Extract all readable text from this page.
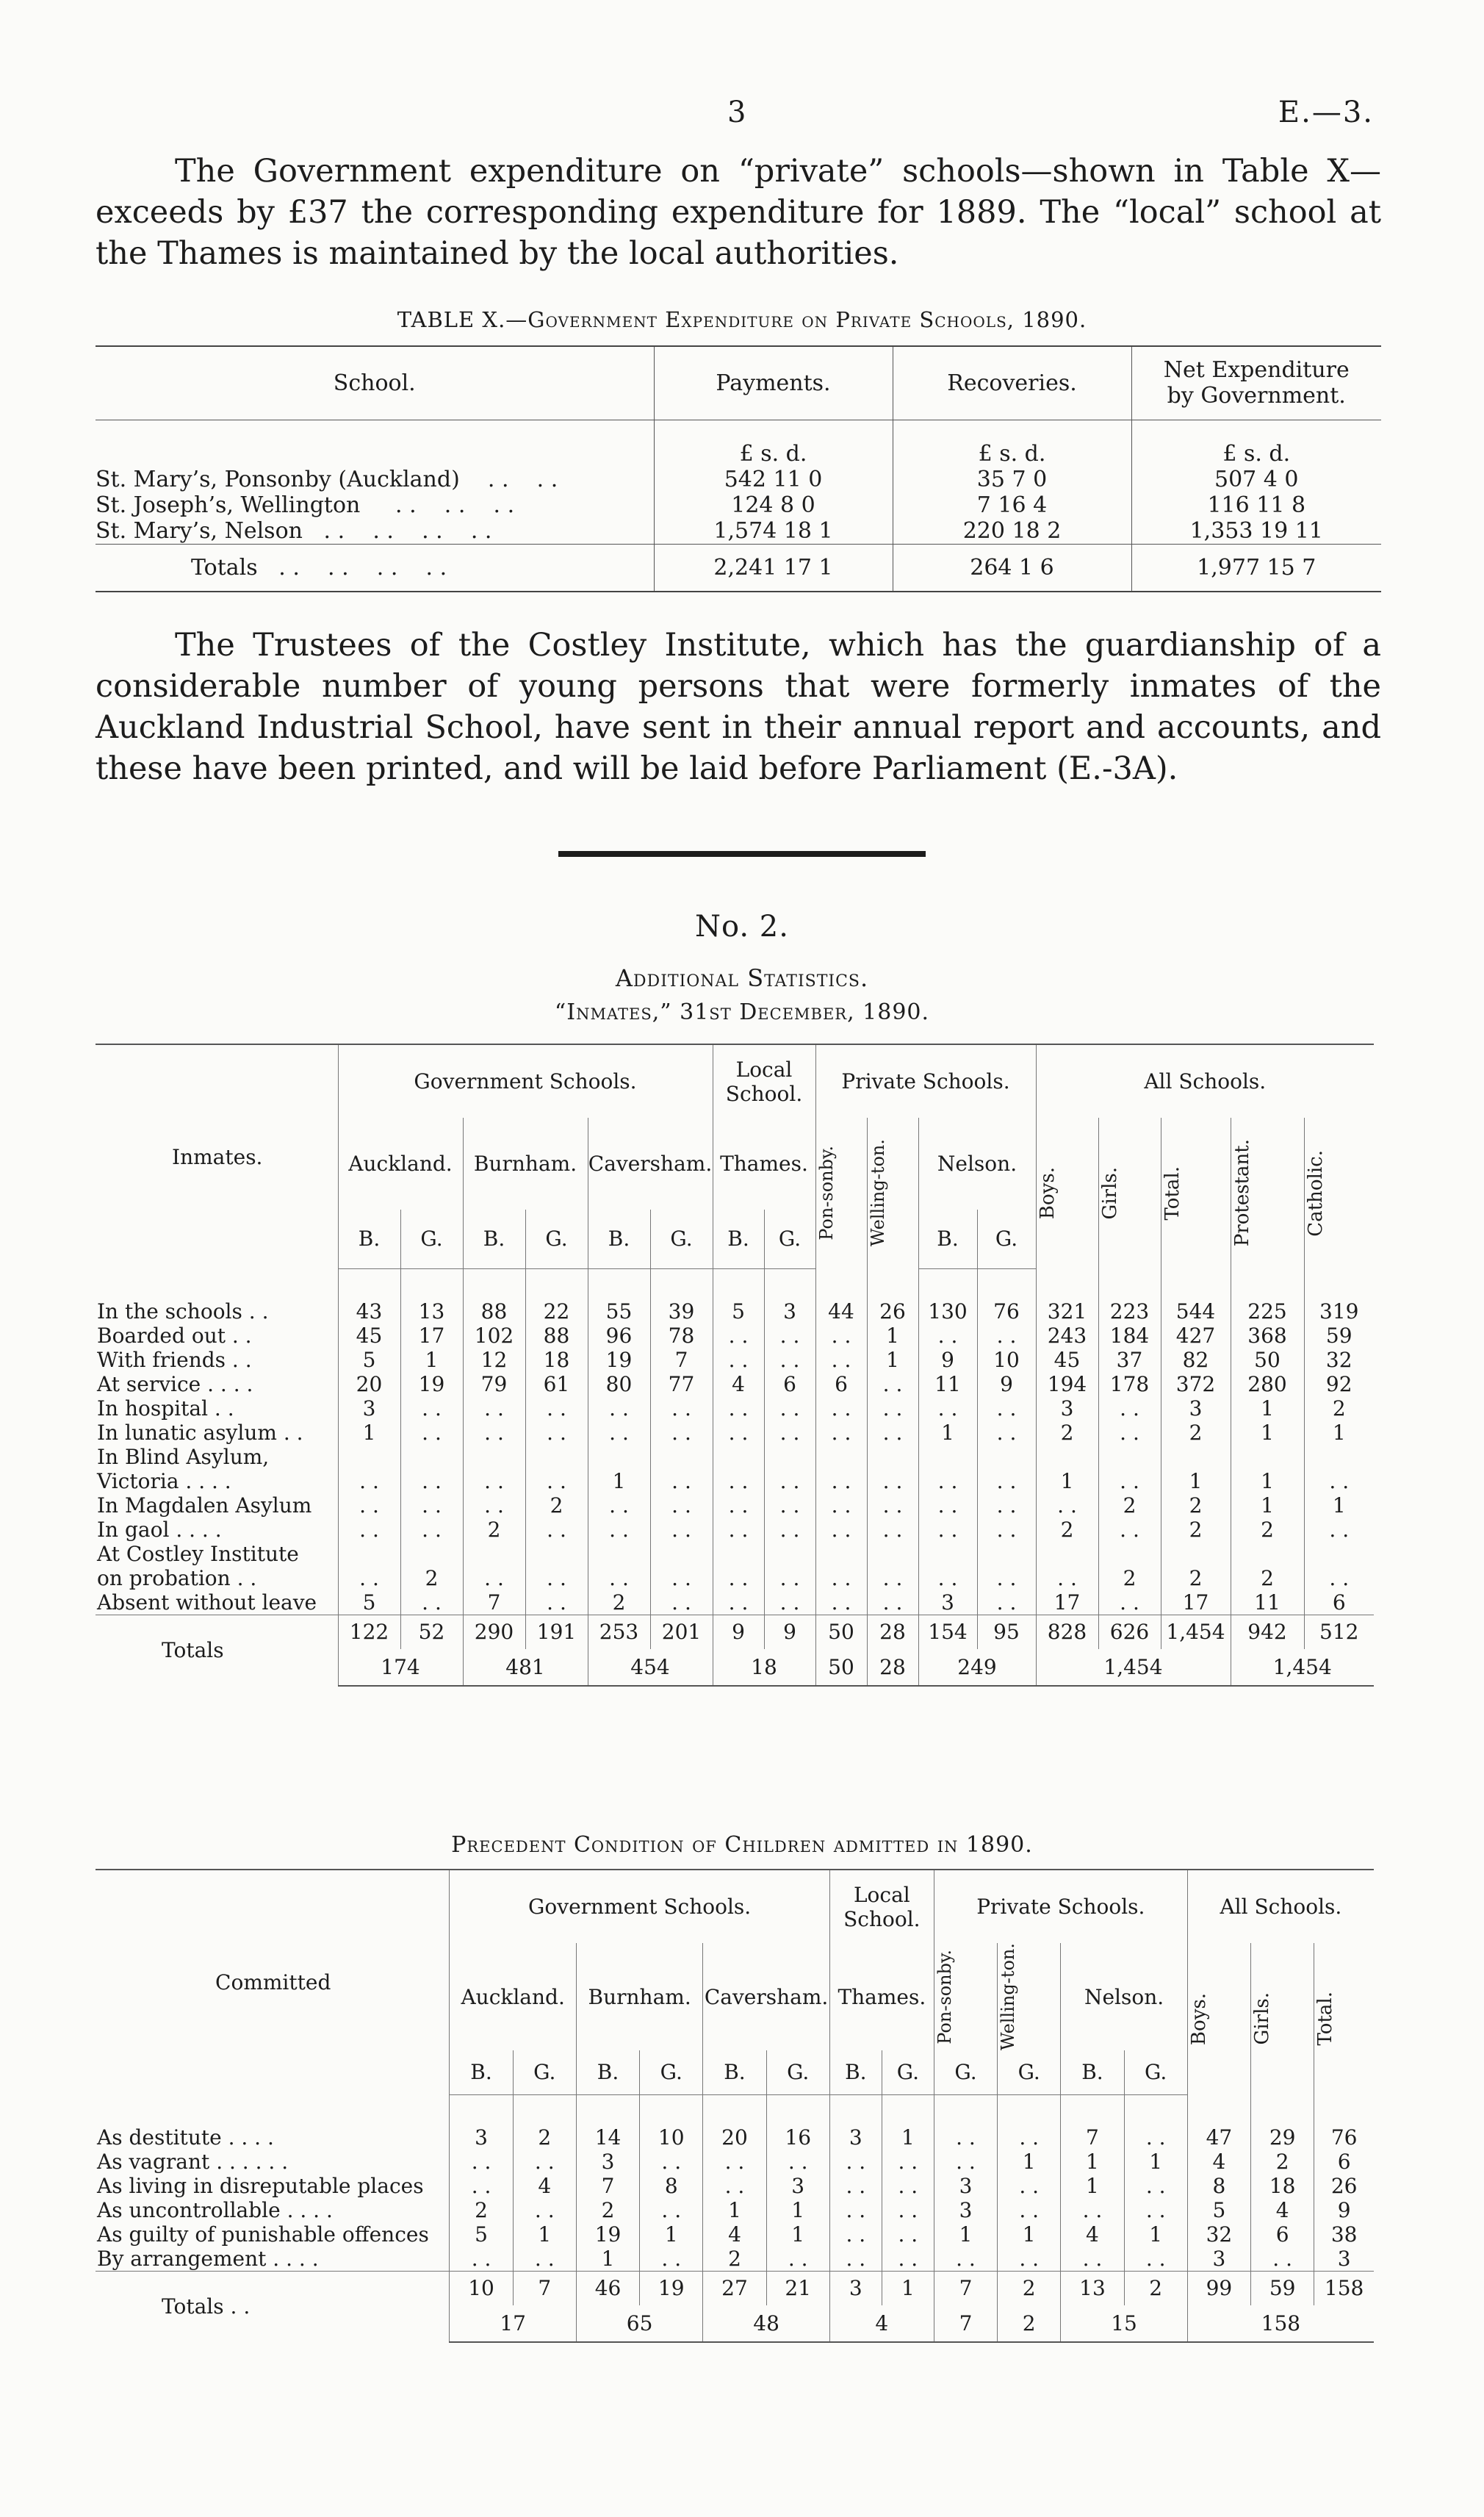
3	E.—3.

The Government expenditure on “private” schools—shown in Table X—exceeds by £37 the corresponding expenditure for 1889. The “local” school at the Thames is maintained by the local authorities.

TABLE X.—Government Expenditure on Private Schools, 1890.
School.	Payments.	Recoveries.	Net Expenditure by Government.
	£ s. d.	£ s. d.	£ s. d.
St. Mary’s, Ponsonby (Auckland)    . .    . .	542 11 0	35 7 0	507 4 0
St. Joseph’s, Wellington     . .    . .    . .	124 8 0	7 16 4	116 11 8
St. Mary’s, Nelson   . .    . .    . .    . .	1,574 18 1	220 18 2	1,353 19 11
Totals   . .    . .    . .    . .	2,241 17 1	264 1 6	1,977 15 7

The Trustees of the Costley Institute, which has the guardianship of a considerable number of young persons that were formerly inmates of the Auckland Industrial School, have sent in their annual report and accounts, and these have been printed, and will be laid before Parliament (E.-3A).

No. 2.
Additional Statistics.
“Inmates,” 31st December, 1890.
Inmates.	Government Schools.						Local School.		Private Schools.				All Schools.				
	Auckland.		Burnham.		Caversham.		Thames.		Pon-sonby.	Welling-ton.	Nelson.		Boys.	Girls.	Total.	Protestant.	Catholic.

	B.	G.	B.	G.	B.	G.	B.	G.			B.	G.					

In the schools . .	43	13	88	22	55	39	5	3	44	26	130	76	321	223	544	225	319
Boarded out . .	45	17	102	88	96	78	. .	. .	. .	1	. .	. .	243	184	427	368	59
With friends . .	5	1	12	18	19	7	. .	. .	. .	1	9	10	45	37	82	50	32
At service . . . .	20	19	79	61	80	77	4	6	6	. .	11	9	194	178	372	280	92
In hospital . .	3	. .	. .	. .	. .	. .	. .	. .	. .	. .	. .	. .	3	. .	3	1	2
In lunatic asylum . .	1	. .	. .	. .	. .	. .	. .	. .	. .	. .	1	. .	2	. .	2	1	1
In Blind Asylum,																	
Victoria . . . .	. .	. .	. .	. .	1	. .	. .	. .	. .	. .	. .	. .	1	. .	1	1	. .
In Magdalen Asylum	. .	. .	. .	2	. .	. .	. .	. .	. .	. .	. .	. .	. .	2	2	1	1
In gaol . . . .	. .	. .	2	. .	. .	. .	. .	. .	. .	. .	. .	. .	2	. .	2	2	. .
At Costley Institute																	
on probation . .	. .	2	. .	. .	. .	. .	. .	. .	. .	. .	. .	. .	. .	2	2	2	. .
Absent without leave	5	. .	7	. .	2	. .	. .	. .	. .	. .	3	. .	17	. .	17	11	6
Totals	122	52	290	191	253	201	9	9	50	28	154	95	828	626	1,454	942	512
	174		481		454		18		50	28	249		1,454			1,454	
Precedent Condition of Children admitted in 1890.
Committed	Government Schools.						Local School.		Private Schools.				All Schools.		
	Auckland.		Burnham.		Caversham.		Thames.		Pon-sonby.	Welling-ton.	Nelson.		Boys.	Girls.	Total.

	B.	G.	B.	G.	B.	G.	B.	G.	G.	G.	B.	G.			

As destitute . . . .	3	2	14	10	20	16	3	1	. .	. .	7	. .	47	29	76
As vagrant . . . . . .	. .	. .	3	. .	. .	. .	. .	. .	. .	1	1	1	4	2	6
As living in disreputable places	. .	4	7	8	. .	3	. .	. .	3	. .	1	. .	8	18	26
As uncontrollable . . . .	2	. .	2	. .	1	1	. .	. .	3	. .	. .	. .	5	4	9
As guilty of punishable offences	5	1	19	1	4	1	. .	. .	1	1	4	1	32	6	38
By arrangement . . . .	. .	. .	1	. .	2	. .	. .	. .	. .	. .	. .	. .	3	. .	3
Totals . .	10	7	46	19	27	21	3	1	7	2	13	2	99	59	158
	17		65		48		4		7	2	15		158		
